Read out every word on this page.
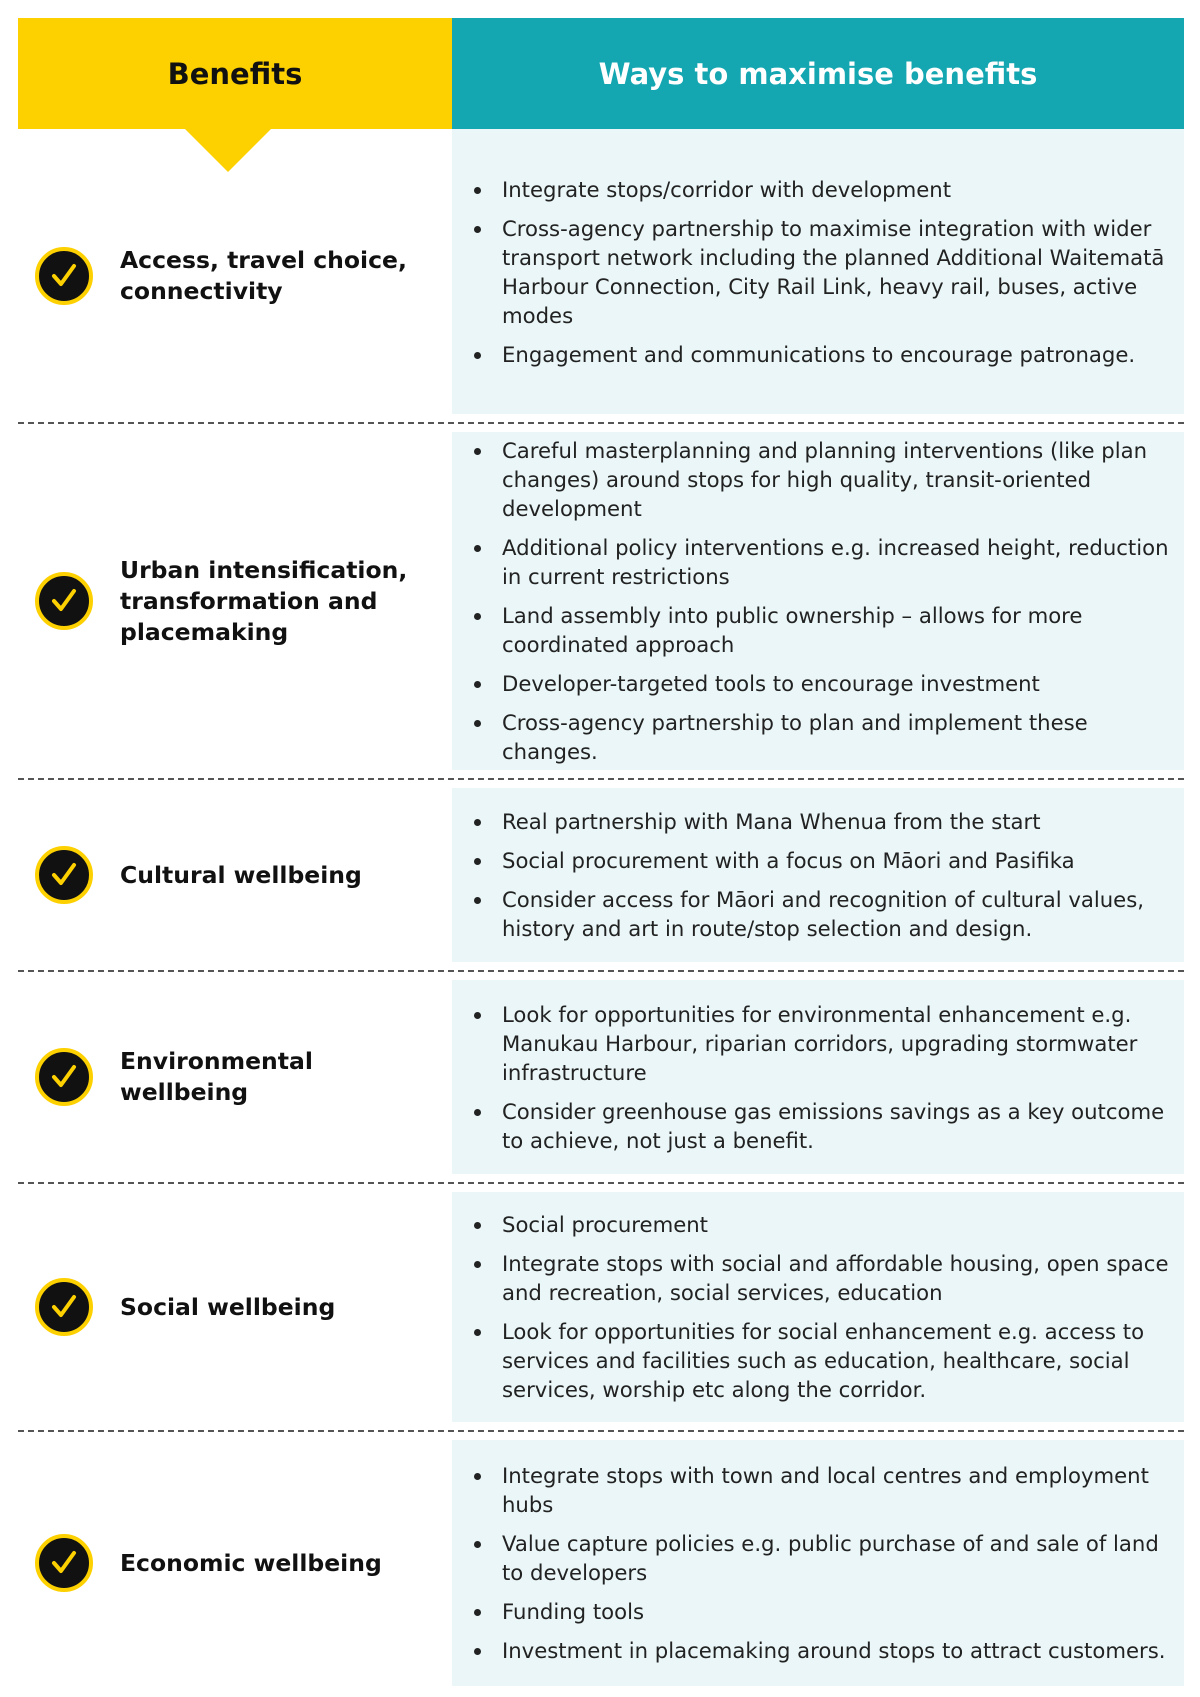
Benefits	Ways to maximise benefits
Access, travel choice, connectivity
Integrate stops/corridor with development
Cross-agency partnership to maximise integration with wider transport network including the planned Additional Waitematā Harbour Connection, City Rail Link, heavy rail, buses, active modes
Engagement and communications to encourage patronage.
Urban intensification, transformation and placemaking
Careful masterplanning and planning interventions (like plan changes) around stops for high quality, transit-oriented development
Additional policy interventions e.g. increased height, reduction in current restrictions
Land assembly into public ownership – allows for more coordinated approach
Developer-targeted tools to encourage investment
Cross-agency partnership to plan and implement these changes.
Cultural wellbeing
Real partnership with Mana Whenua from the start
Social procurement with a focus on Māori and Pasifika
Consider access for Māori and recognition of cultural values, history and art in route/stop selection and design.
Environmental wellbeing
Look for opportunities for environmental enhancement e.g. Manukau Harbour, riparian corridors, upgrading stormwater infrastructure
Consider greenhouse gas emissions savings as a key outcome to achieve, not just a benefit.
Social wellbeing
Social procurement
Integrate stops with social and affordable housing, open space and recreation, social services, education
Look for opportunities for social enhancement e.g. access to services and facilities such as education, healthcare, social services, worship etc along the corridor.
Economic wellbeing
Integrate stops with town and local centres and employment hubs
Value capture policies e.g. public purchase of and sale of land to developers
Funding tools
Investment in placemaking around stops to attract customers.
